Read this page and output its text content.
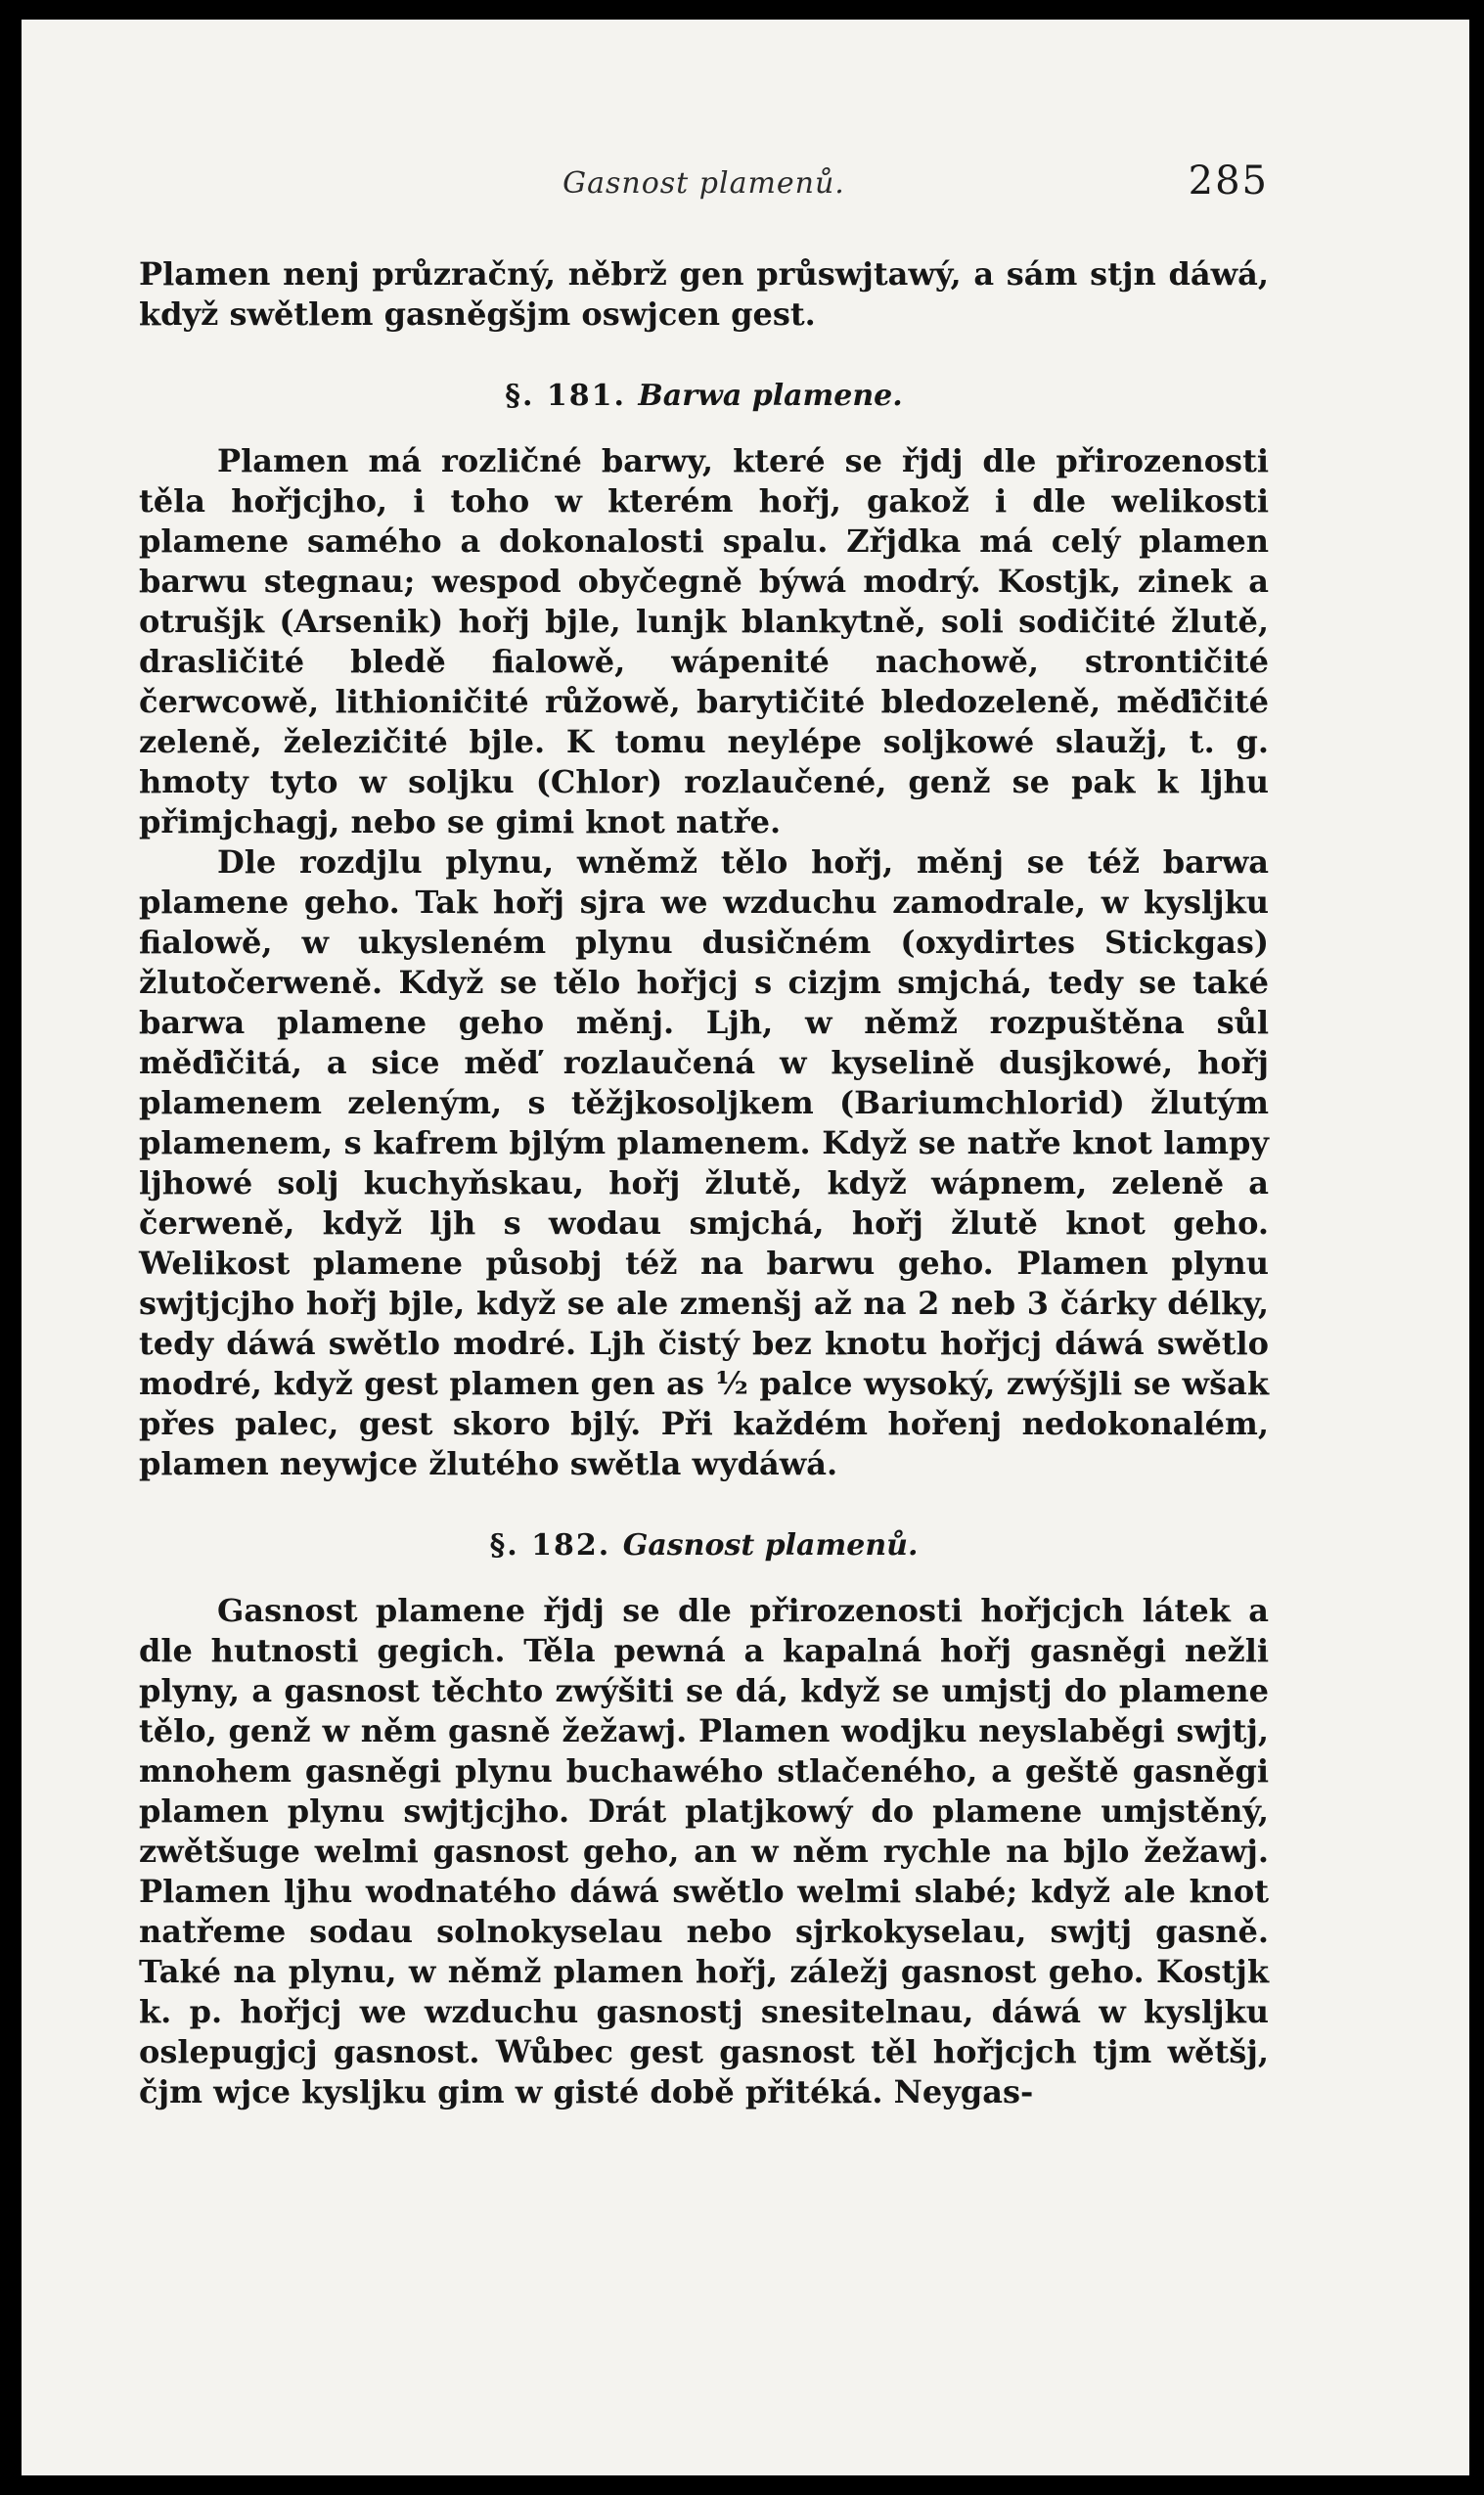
Gasnost plamenů.	285

Plamen nenj průzračný, něbrž gen průswjtawý, a sám stjn dáwá, když swětlem gasněgšjm oswjcen gest.

§. 181. Barwa plamene.

Plamen má rozličné barwy, které se řjdj dle přirozenosti těla hořjcjho, i toho w kterém hořj, gakož i dle welikosti plamene samého a dokonalosti spalu. Zřjdka má celý plamen barwu stegnau; wespod obyčegně býwá modrý. Kostjk, zinek a otrušjk (Arsenik) hořj bjle, lunjk blankytně, soli sodičité žlutě, drasličité bledě fialowě, wápenité nachowě, strontičité čerwcowě, lithioničité růžowě, barytičité bledozeleně, měďičité zeleně, železičité bjle. K tomu neylépe soljkowé slaužj, t. g. hmoty tyto w soljku (Chlor) rozlaučené, genž se pak k ljhu přimjchagj, nebo se gimi knot natře.

Dle rozdjlu plynu, wněmž tělo hořj, měnj se též barwa plamene geho. Tak hořj sjra we wzduchu zamodrale, w kysljku fialowě, w ukysleném plynu dusičném (oxydirtes Stickgas) žlutočerweně. Když se tělo hořjcj s cizjm smjchá, tedy se také barwa plamene geho měnj. Ljh, w němž rozpuštěna sůl měďičitá, a sice měď rozlaučená w kyselině dusjkowé, hořj plamenem zeleným, s těžjkosoljkem (Bariumchlorid) žlutým plamenem, s kafrem bjlým plamenem. Když se natře knot lampy ljhowé solj kuchyňskau, hořj žlutě, když wápnem, zeleně a čerweně, když ljh s wodau smjchá, hořj žlutě knot geho. Welikost plamene působj též na barwu geho. Plamen plynu swjtjcjho hořj bjle, když se ale zmenšj až na 2 neb 3 čárky délky, tedy dáwá swětlo modré. Ljh čistý bez knotu hořjcj dáwá swětlo modré, když gest plamen gen as ½ palce wysoký, zwýšjli se wšak přes palec, gest skoro bjlý. Při každém hořenj nedokonalém, plamen neywjce žlutého swětla wydáwá.

§. 182. Gasnost plamenů.

Gasnost plamene řjdj se dle přirozenosti hořjcjch látek a dle hutnosti gegich. Těla pewná a kapalná hořj gasněgi nežli plyny, a gasnost těchto zwýšiti se dá, když se umjstj do plamene tělo, genž w něm gasně žežawj. Plamen wodjku neyslaběgi swjtj, mnohem gasněgi plynu buchawého stlačeného, a geště gasněgi plamen plynu swjtjcjho. Drát platjkowý do plamene umjstěný, zwětšuge welmi gasnost geho, an w něm rychle na bjlo žežawj. Plamen ljhu wodnatého dáwá swětlo welmi slabé; když ale knot natřeme sodau solnokyselau nebo sjrkokyselau, swjtj gasně. Také na plynu, w němž plamen hořj, záležj gasnost geho. Kostjk k. p. hořjcj we wzduchu gasnostj snesitelnau, dáwá w kysljku oslepugjcj gasnost. Wůbec gest gasnost těl hořjcjch tjm wětšj, čjm wjce kysljku gim w gisté době přitéká. Neygas-
